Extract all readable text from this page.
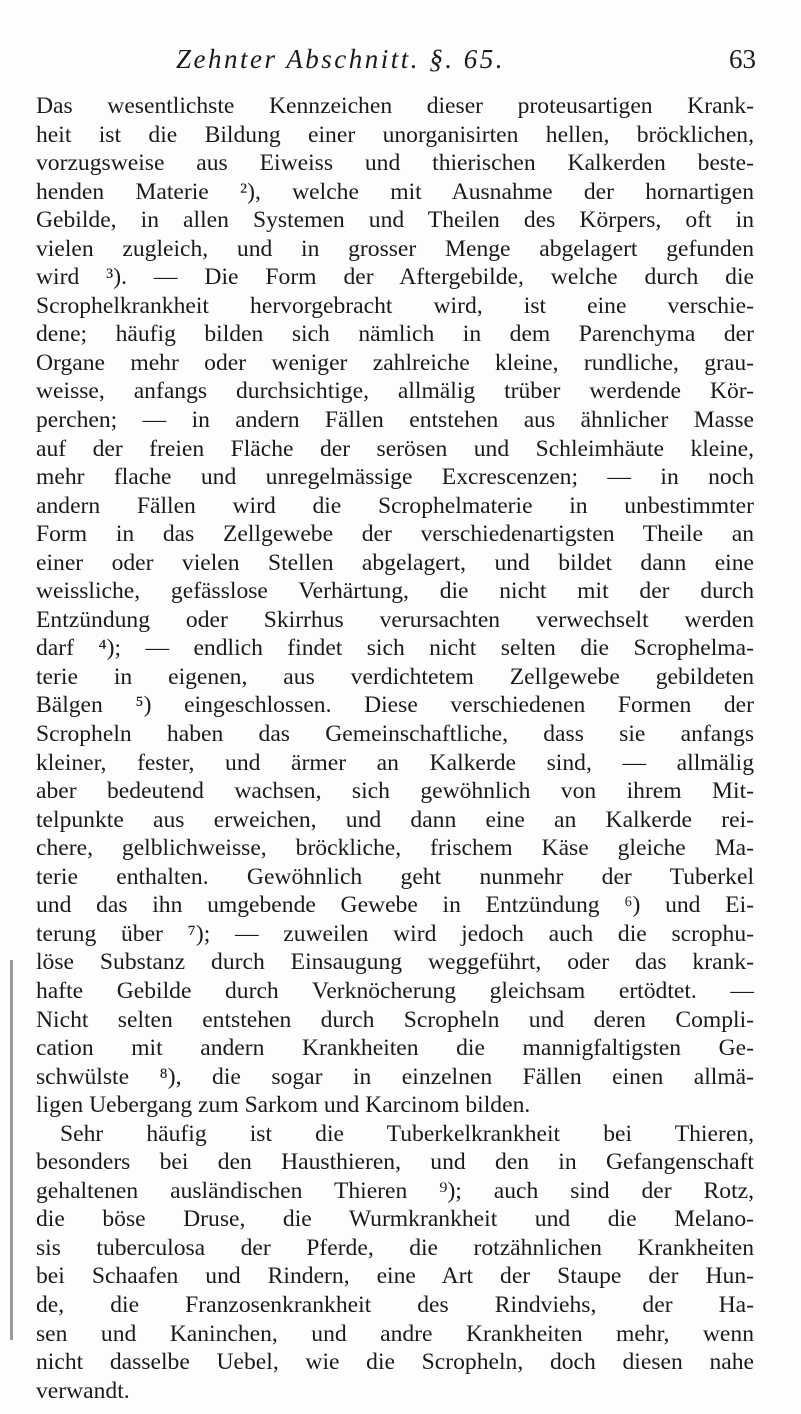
Zehnter Abschnitt. §. 65.	63
Das wesentlichste Kennzeichen dieser proteusartigen Krank-
heit ist die Bildung einer unorganisirten hellen, bröcklichen,
vorzugsweise aus Eiweiss und thierischen Kalkerden beste-
henden Materie ²), welche mit Ausnahme der hornartigen
Gebilde, in allen Systemen und Theilen des Körpers, oft in
vielen zugleich, und in grosser Menge abgelagert gefunden
wird ³). — Die Form der Aftergebilde, welche durch die
Scrophelkrankheit hervorgebracht wird, ist eine verschie-
dene; häufig bilden sich nämlich in dem Parenchyma der
Organe mehr oder weniger zahlreiche kleine, rundliche, grau-
weisse, anfangs durchsichtige, allmälig trüber werdende Kör-
perchen; — in andern Fällen entstehen aus ähnlicher Masse
auf der freien Fläche der serösen und Schleimhäute kleine,
mehr flache und unregelmässige Excrescenzen; — in noch
andern Fällen wird die Scrophelmaterie in unbestimmter
Form in das Zellgewebe der verschiedenartigsten Theile an
einer oder vielen Stellen abgelagert, und bildet dann eine
weissliche, gefässlose Verhärtung, die nicht mit der durch
Entzündung oder Skirrhus verursachten verwechselt werden
darf ⁴); — endlich findet sich nicht selten die Scrophelma-
terie in eigenen, aus verdichtetem Zellgewebe gebildeten
Bälgen ⁵) eingeschlossen. Diese verschiedenen Formen der
Scropheln haben das Gemeinschaftliche, dass sie anfangs
kleiner, fester, und ärmer an Kalkerde sind, — allmälig
aber bedeutend wachsen, sich gewöhnlich von ihrem Mit-
telpunkte aus erweichen, und dann eine an Kalkerde rei-
chere, gelblichweisse, bröckliche, frischem Käse gleiche Ma-
terie enthalten. Gewöhnlich geht nunmehr der Tuberkel
und das ihn umgebende Gewebe in Entzündung ⁶) und Ei-
terung über ⁷); — zuweilen wird jedoch auch die scrophu-
löse Substanz durch Einsaugung weggeführt, oder das krank-
hafte Gebilde durch Verknöcherung gleichsam ertödtet. —
Nicht selten entstehen durch Scropheln und deren Compli-
cation mit andern Krankheiten die mannigfaltigsten Ge-
schwülste ⁸), die sogar in einzelnen Fällen einen allmä-
ligen Uebergang zum Sarkom und Karcinom bilden.
Sehr häufig ist die Tuberkelkrankheit bei Thieren,
besonders bei den Hausthieren, und den in Gefangenschaft
gehaltenen ausländischen Thieren ⁹); auch sind der Rotz,
die böse Druse, die Wurmkrankheit und die Melano-
sis tuberculosa der Pferde, die rotzähnlichen Krankheiten
bei Schaafen und Rindern, eine Art der Staupe der Hun-
de, die Franzosenkrankheit des Rindviehs, der Ha-
sen und Kaninchen, und andre Krankheiten mehr, wenn
nicht dasselbe Uebel, wie die Scropheln, doch diesen nahe
verwandt.
